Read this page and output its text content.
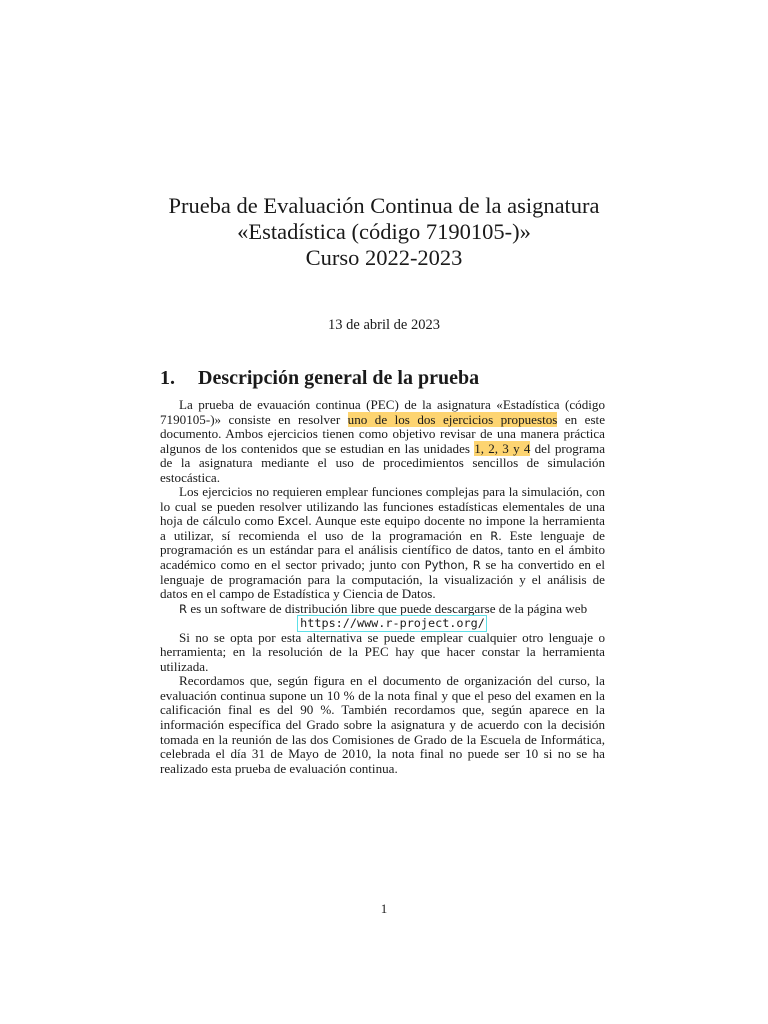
Prueba de Evaluación Continua de la asignatura
«Estadística (código 7190105-)»
Curso 2022-2023
13 de abril de 2023
1. Descripción general de la prueba

La prueba de evauación continua (PEC) de la asignatura «Estadística (código 7190105-)» consiste en resolver uno de los dos ejercicios propuestos en este documento. Ambos ejercicios tienen como objetivo revisar de una manera práctica algunos de los contenidos que se estudian en las unidades 1, 2, 3 y 4 del programa de la asignatura mediante el uso de procedimientos sencillos de simulación estocástica.

Los ejercicios no requieren emplear funciones complejas para la simulación, con lo cual se pueden resolver utilizando las funciones estadísticas elementales de una hoja de cálculo como Excel. Aunque este equipo docente no impone la herramienta a utilizar, sí recomienda el uso de la programación en R. Este lenguaje de programación es un estándar para el análisis científico de datos, tanto en el ámbito académico como en el sector privado; junto con Python, R se ha convertido en el lenguaje de programación para la computación, la visualización y el análisis de datos en el campo de Estadística y Ciencia de Datos.

R es un software de distribución libre que puede descargarse de la página web

https://www.r-project.org/

Si no se opta por esta alternativa se puede emplear cualquier otro lenguaje o herramienta; en la resolución de la PEC hay que hacer constar la herramienta utilizada.

Recordamos que, según figura en el documento de organización del curso, la evaluación continua supone un 10 % de la nota final y que el peso del examen en la calificación final es del 90 %. También recordamos que, según aparece en la información específica del Grado sobre la asignatura y de acuerdo con la decisión tomada en la reunión de las dos Comisiones de Grado de la Escuela de Informática, celebrada el día 31 de Mayo de 2010, la nota final no puede ser 10 si no se ha realizado esta prueba de evaluación continua.

1
